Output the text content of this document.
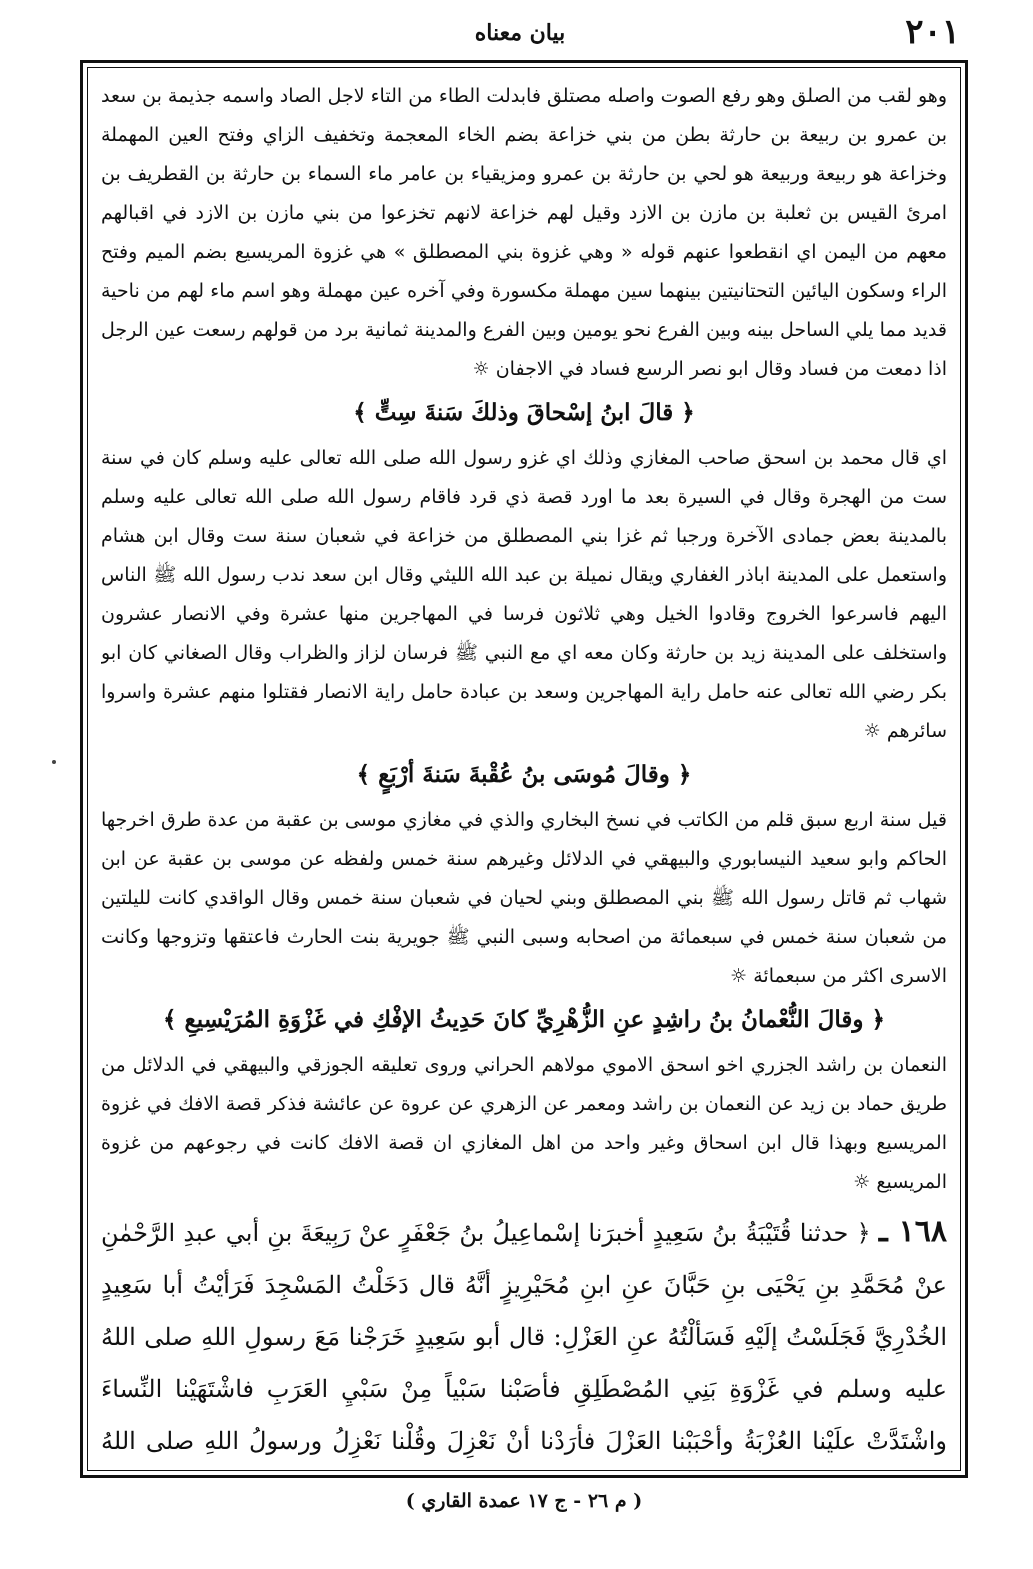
٢٠١
بيان معناه

وهو لقب من الصلق وهو رفع الصوت واصله مصتلق فابدلت الطاء من التاء لاجل الصاد واسمه جذيمة بن سعد بن عمرو بن ربيعة بن حارثة بطن من بني خزاعة بضم الخاء المعجمة وتخفيف الزاي وفتح العين المهملة وخزاعة هو ربيعة وربيعة هو لحي بن حارثة بن عمرو ومزيقياء بن عامر ماء السماء بن حارثة بن القطريف بن امرئ القيس بن ثعلبة بن مازن بن الازد وقيل لهم خزاعة لانهم تخزعوا من بني مازن بن الازد في اقبالهم معهم من اليمن اي انقطعوا عنهم قوله « وهي غزوة بني المصطلق » هي غزوة المريسيع بضم الميم وفتح الراء وسكون اليائين التحتانيتين بينهما سين مهملة مكسورة وفي آخره عين مهملة وهو اسم ماء لهم من ناحية قديد مما يلي الساحل بينه وبين الفرع نحو يومين وبين الفرع والمدينة ثمانية برد من قولهم رسعت عين الرجل اذا دمعت من فساد وقال ابو نصر الرسع فساد في الاجفان ☼

﴿ قالَ ابنُ إسْحاقَ وذلكَ سَنةَ سِتٍّ ﴾

اي قال محمد بن اسحق صاحب المغازي وذلك اي غزو رسول الله صلى الله تعالى عليه وسلم كان في سنة ست من الهجرة وقال في السيرة بعد ما اورد قصة ذي قرد فاقام رسول الله صلى الله تعالى عليه وسلم بالمدينة بعض جمادى الآخرة ورجبا ثم غزا بني المصطلق من خزاعة في شعبان سنة ست وقال ابن هشام واستعمل على المدينة اباذر الغفاري ويقال نميلة بن عبد الله الليثي وقال ابن سعد ندب رسول الله ﷺ الناس اليهم فاسرعوا الخروج وقادوا الخيل وهي ثلاثون فرسا في المهاجرين منها عشرة وفي الانصار عشرون واستخلف على المدينة زيد بن حارثة وكان معه اي مع النبي ﷺ فرسان لزاز والظراب وقال الصغاني كان ابو بكر رضي الله تعالى عنه حامل راية المهاجرين وسعد بن عبادة حامل راية الانصار فقتلوا منهم عشرة واسروا سائرهم ☼

﴿ وقالَ مُوسَى بنُ عُقْبةَ سَنةَ أرْبَعٍ ﴾

قيل سنة اربع سبق قلم من الكاتب في نسخ البخاري والذي في مغازي موسى بن عقبة من عدة طرق اخرجها الحاكم وابو سعيد النيسابوري والبيهقي في الدلائل وغيرهم سنة خمس ولفظه عن موسى بن عقبة عن ابن شهاب ثم قاتل رسول الله ﷺ بني المصطلق وبني لحيان في شعبان سنة خمس وقال الواقدي كانت لليلتين من شعبان سنة خمس في سبعمائة من اصحابه وسبى النبي ﷺ جويرية بنت الحارث فاعتقها وتزوجها وكانت الاسرى اكثر من سبعمائة ☼

﴿ وقالَ النُّعْمانُ بنُ راشِدٍ عنِ الزُّهْرِيِّ كانَ حَدِيثُ الإفْكِ في غَزْوَةِ المُرَيْسِيعِ ﴾

النعمان بن راشد الجزري اخو اسحق الاموي مولاهم الحراني وروى تعليقه الجوزقي والبيهقي في الدلائل من طريق حماد بن زيد عن النعمان بن راشد ومعمر عن الزهري عن عروة عن عائشة فذكر قصة الافك في غزوة المريسيع وبهذا قال ابن اسحاق وغير واحد من اهل المغازي ان قصة الافك كانت في رجوعهم من غزوة المريسيع ☼

١٦٨ ـ ﴿ حدثنا قُتَيْبَةُ بنُ سَعِيدٍ أخبرَنا إسْماعِيلُ بنُ جَعْفَرٍ عنْ رَبِيعَةَ بنِ أبي عبدِ الرَّحْمٰنِ عنْ مُحَمَّدِ بنِ يَحْيَى بنِ حَبَّانَ عنِ ابنِ مُحَيْرِيزٍ أنَّهُ قال دَخَلْتُ المَسْجِدَ فَرَأيْتُ أبا سَعِيدٍ الخُدْرِيَّ فَجَلَسْتُ إلَيْهِ فَسَألْتُهُ عنِ العَزْلِ: قال أبو سَعِيدٍ خَرَجْنا مَعَ رسولِ اللهِ صلى اللهُ عليه وسلم في غَزْوَةِ بَنِي المُصْطَلِقِ فأصَبْنا سَبْياً مِنْ سَبْيِ العَرَبِ فاشْتَهَيْنا النِّساءَ واشْتَدَّتْ علَيْنا العُزْبَةُ وأحْبَبْنا العَزْلَ فأرَدْنا أنْ نَعْزِلَ وقُلْنا نَعْزِلُ ورسولُ اللهِ صلى اللهُ

( م ٢٦ - ج ١٧ عمدة القاري )
